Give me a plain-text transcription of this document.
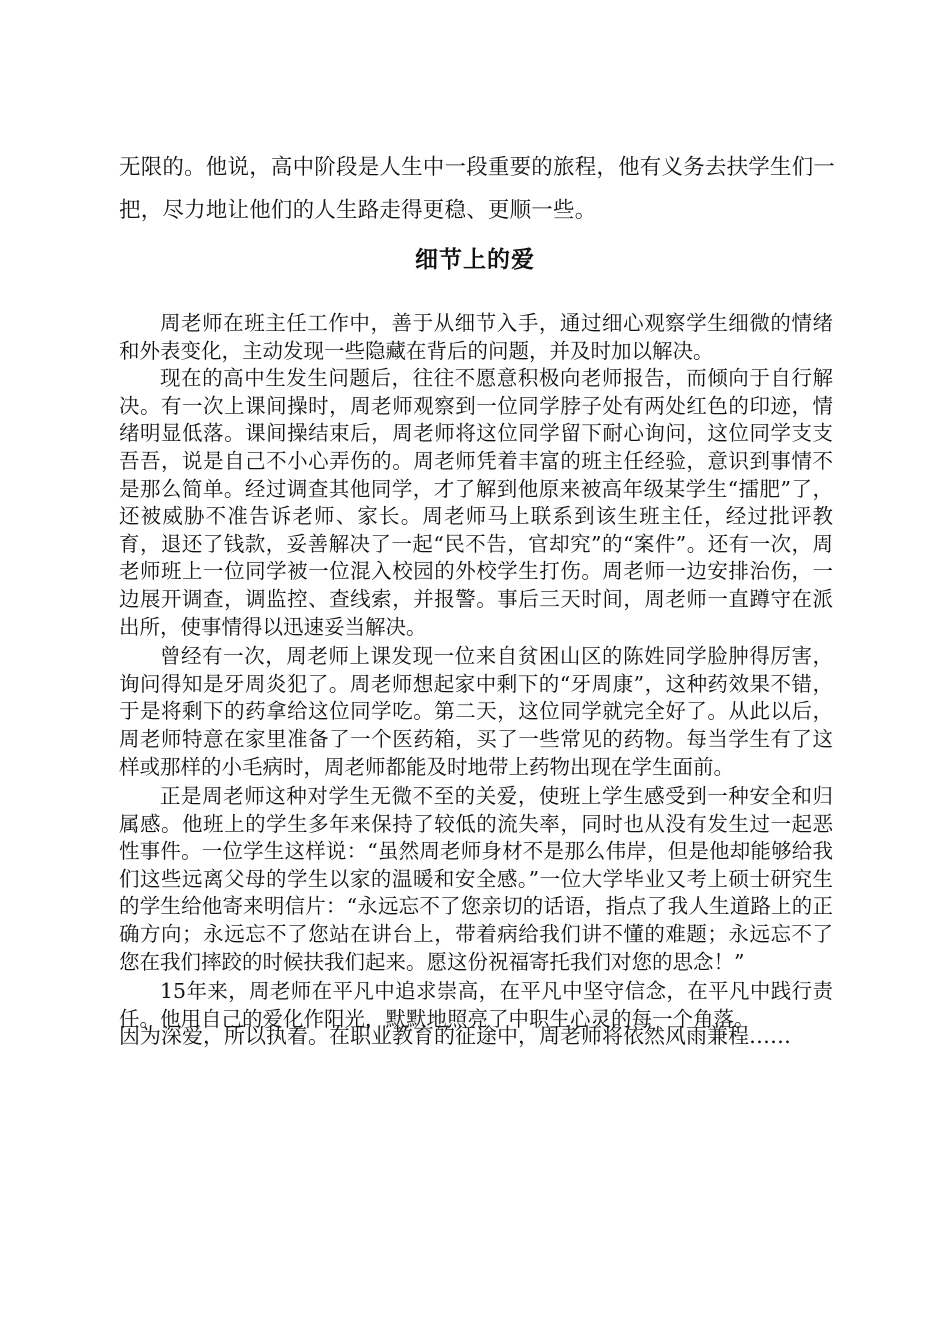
无限的。他说，高中阶段是人生中一段重要的旅程，他有义务去扶学生们一

把，尽力地让他们的人生路走得更稳、更顺一些。

细节上的爱

周老师在班主任工作中，善于从细节入手，通过细心观察学生细微的情绪和外表变化，主动发现一些隐藏在背后的问题，并及时加以解决。

现在的高中生发生问题后，往往不愿意积极向老师报告，而倾向于自行解决。有一次上课间操时，周老师观察到一位同学脖子处有两处红色的印迹，情绪明显低落。课间操结束后，周老师将这位同学留下耐心询问，这位同学支支吾吾，说是自己不小心弄伤的。周老师凭着丰富的班主任经验，意识到事情不是那么简单。经过调查其他同学，才了解到他原来被高年级某学生“擂肥”了，还被威胁不准告诉老师、家长。周老师马上联系到该生班主任，经过批评教育，退还了钱款，妥善解决了一起“民不告，官却究”的“案件”。还有一次，周老师班上一位同学被一位混入校园的外校学生打伤。周老师一边安排治伤，一边展开调查，调监控、查线索，并报警。事后三天时间，周老师一直蹲守在派出所，使事情得以迅速妥当解决。

曾经有一次，周老师上课发现一位来自贫困山区的陈姓同学脸肿得厉害，询问得知是牙周炎犯了。周老师想起家中剩下的“牙周康”，这种药效果不错，于是将剩下的药拿给这位同学吃。第二天，这位同学就完全好了。从此以后，周老师特意在家里准备了一个医药箱，买了一些常见的药物。每当学生有了这样或那样的小毛病时，周老师都能及时地带上药物出现在学生面前。

正是周老师这种对学生无微不至的关爱，使班上学生感受到一种安全和归属感。他班上的学生多年来保持了较低的流失率，同时也从没有发生过一起恶性事件。一位学生这样说：“虽然周老师身材不是那么伟岸，但是他却能够给我们这些远离父母的学生以家的温暖和安全感。”一位大学毕业又考上硕士研究生的学生给他寄来明信片：“永远忘不了您亲切的话语，指点了我人生道路上的正确方向；永远忘不了您站在讲台上，带着病给我们讲不懂的难题；永远忘不了您在我们摔跤的时候扶我们起来。愿这份祝福寄托我们对您的思念！”

15年来，周老师在平凡中追求崇高，在平凡中坚守信念，在平凡中践行责任。他用自己的爱化作阳光，默默地照亮了中职生心灵的每一个角落。

因为深爱，所以执着。在职业教育的征途中，周老师将依然风雨兼程……
